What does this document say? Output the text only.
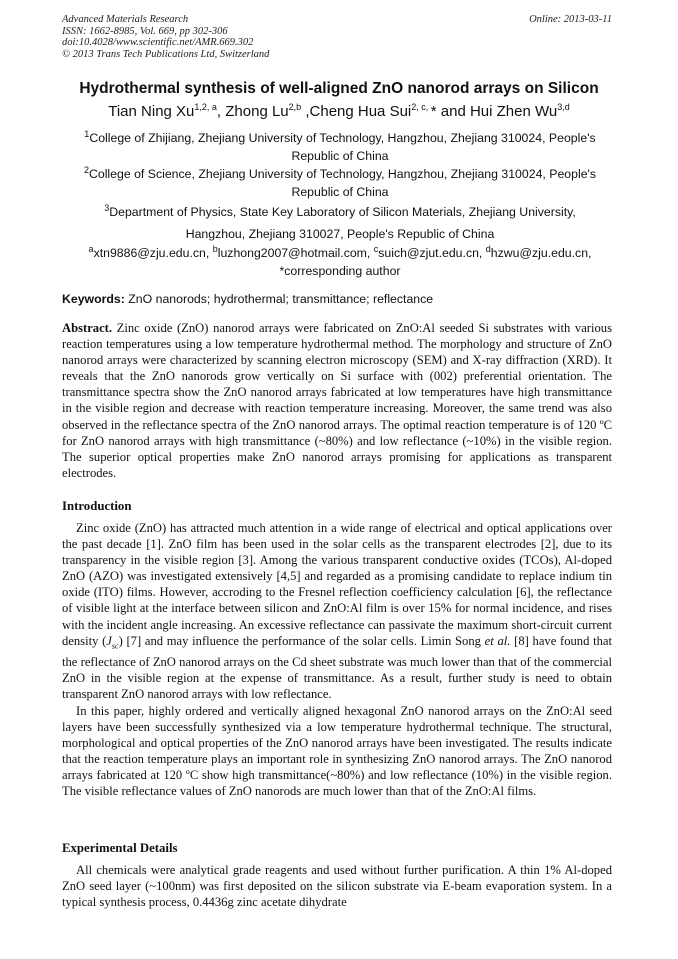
Advanced Materials Research
ISSN: 1662-8985, Vol. 669, pp 302-306
doi:10.4028/www.scientific.net/AMR.669.302
© 2013 Trans Tech Publications Ltd, Switzerland
Online: 2013-03-11
Hydrothermal synthesis of well-aligned ZnO nanorod arrays on Silicon
Tian Ning Xu$^{1,2, a}$, Zhong Lu$^{2,b}$ ,Cheng Hua Sui$^{2, c,}$ * and Hui Zhen Wu$^{3,d}$
$^1$College of Zhijiang, Zhejiang University of Technology, Hangzhou, Zhejiang 310024, People's Republic of China
$^2$College of Science, Zhejiang University of Technology, Hangzhou, Zhejiang 310024, People's Republic of China
$^3$Department of Physics, State Key Laboratory of Silicon Materials, Zhejiang University,
Hangzhou, Zhejiang 310027, People's Republic of China
$^a$xtn9886@zju.edu.cn, $^b$luzhong2007@hotmail.com, $^c$suich@zjut.edu.cn, $^d$hzwu@zju.edu.cn,
*corresponding author
Keywords: ZnO nanorods; hydrothermal; transmittance; reflectance
Abstract. Zinc oxide (ZnO) nanorod arrays were fabricated on ZnO:Al seeded Si substrates with various reaction temperatures using a low temperature hydrothermal method. The morphology and structure of ZnO nanorod arrays were characterized by scanning electron microscopy (SEM) and X-ray diffraction (XRD). It reveals that the ZnO nanorods grow vertically on Si surface with (002) preferential orientation. The transmittance spectra show the ZnO nanorod arrays fabricated at low temperatures have high transmittance in the visible region and decrease with reaction temperature increasing. Moreover, the same trend was also observed in the reflectance spectra of the ZnO nanorod arrays. The optimal reaction temperature is of 120 ºC for ZnO nanorod arrays with high transmittance (~80%) and low reflectance (~10%) in the visible region. The superior optical properties make ZnO nanorod arrays promising for applications as transparent electrodes.
Introduction

Zinc oxide (ZnO) has attracted much attention in a wide range of electrical and optical applications over the past decade [1]. ZnO film has been used in the solar cells as the transparent electrodes [2], due to its transparency in the visible region [3]. Among the various transparent conductive oxides (TCOs), Al-doped ZnO (AZO) was investigated extensively [4,5] and regarded as a promising candidate to replace indium tin oxide (ITO) films. However, accroding to the Fresnel reflection coefficiency calculation [6], the reflectance of visible light at the interface between silicon and ZnO:Al film is over 15% for normal incidence, and rises with the incident angle increasing. An excessive reflectance can passivate the maximum short-circuit current density $(J_{sc})$ [7] and may influence the performance of the solar cells. Limin Song et al. [8] have found that the reflectance of ZnO nanorod arrays on the Cd sheet substrate was much lower than that of the commercial ZnO in the visible region at the expense of transmittance. As a result, further study is need to obtain transparent ZnO nanorod arrays with low reflectance.

In this paper, highly ordered and vertically aligned hexagonal ZnO nanorod arrays on the ZnO:Al seed layers have been successfully synthesized via a low temperature hydrothermal technique. The structural, morphological and optical properties of the ZnO nanorod arrays have been investigated. The results indicate that the reaction temperature plays an important role in synthesizing ZnO nanorod arrays. The ZnO nanorod arrays fabricated at 120 ºC show high transmittance(~80%) and low reflectance (10%) in the visible region. The visible reflectance values of ZnO nanorods are much lower than that of the ZnO:Al films.

Experimental Details

All chemicals were analytical grade reagents and used without further purification. A thin 1% Al-doped ZnO seed layer (~100nm) was first deposited on the silicon substrate via E-beam evaporation system. In a typical synthesis process, 0.4436g zinc acetate dihydrate
